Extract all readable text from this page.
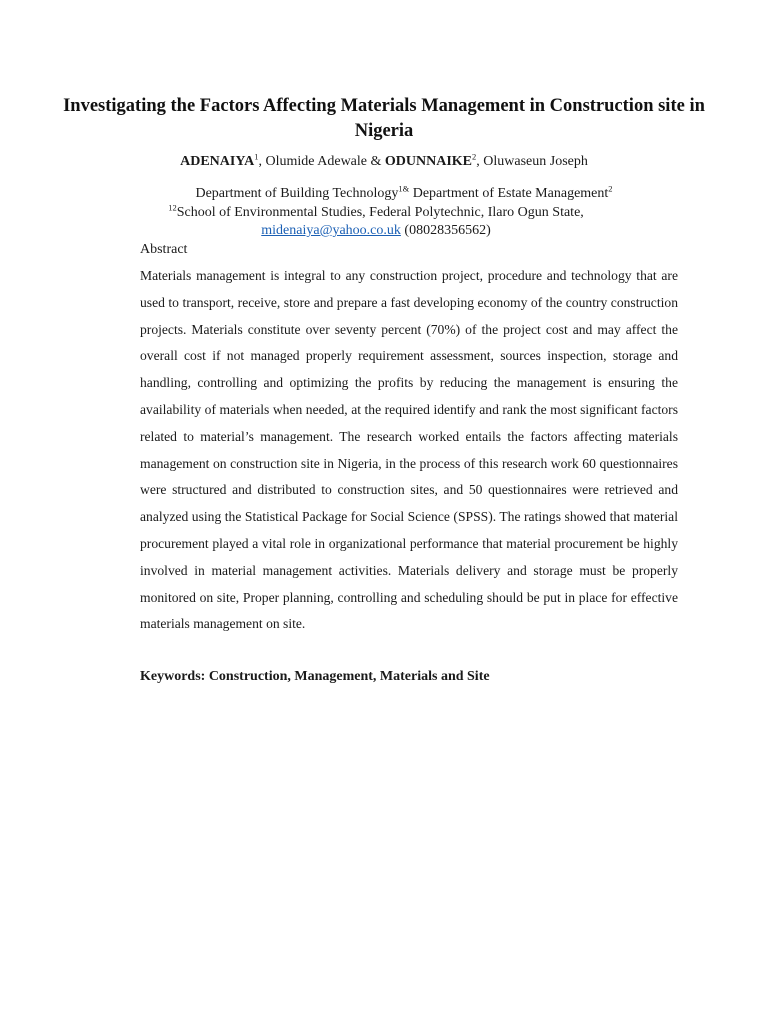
Investigating the Factors Affecting Materials Management in Construction site in Nigeria
ADENAIYA$^1$, Olumide Adewale & ODUNNAIKE$^2$, Oluwaseun Joseph
Department of Building Technology$^{1\&}$ Department of Estate Management$^2$
$^{12}$School of Environmental Studies, Federal Polytechnic, Ilaro Ogun State,
midenaiya@yahoo.co.uk (08028356562)
Abstract

Materials management is integral to any construction project, procedure and technology that are used to transport, receive, store and prepare a fast developing economy of the country construction projects. Materials constitute over seventy percent (70%) of the project cost and may affect the overall cost if not managed properly requirement assessment, sources inspection, storage and handling, controlling and optimizing the profits by reducing the management is ensuring the availability of materials when needed, at the required identify and rank the most significant factors related to material’s management. The research worked entails the factors affecting materials management on construction site in Nigeria, in the process of this research work 60 questionnaires were structured and distributed to construction sites, and 50 questionnaires were retrieved and analyzed using the Statistical Package for Social Science (SPSS). The ratings showed that material procurement played a vital role in organizational performance that material procurement be highly involved in material management activities. Materials delivery and storage must be properly monitored on site, Proper planning, controlling and scheduling should be put in place for effective materials management on site.

Keywords: Construction, Management, Materials and Site
